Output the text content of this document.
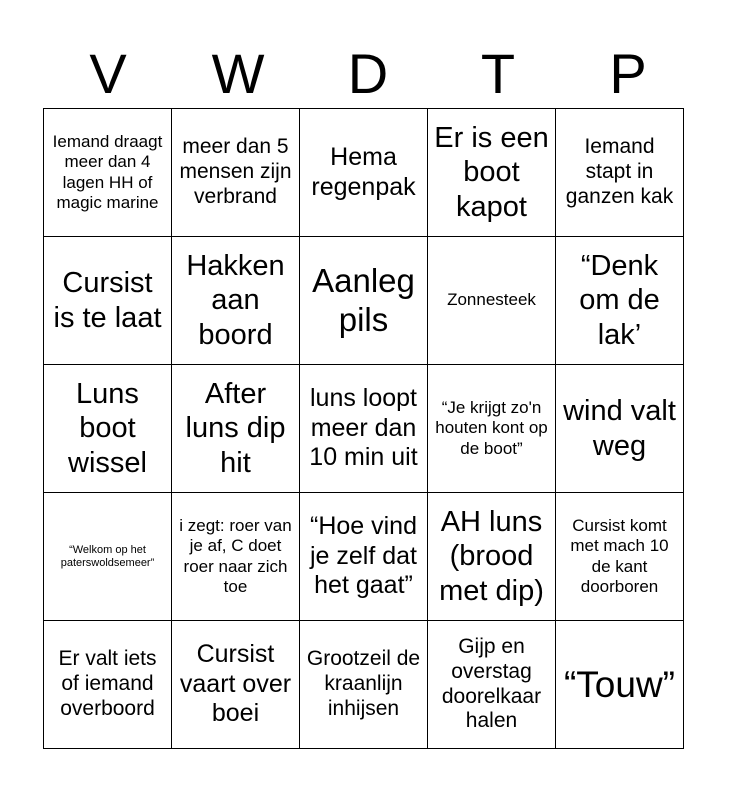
V	W	D	T	P
Iemand draagt meer dan 4 lagen HH of magic marine	meer dan 5 mensen zijn verbrand	Hema regenpak	Er is een boot kapot	Iemand stapt in ganzen kak
Cursist is te laat	Hakken aan boord	Aanleg pils	Zonnesteek	“Denk om de lak’
Luns boot wissel	After luns dip hit	luns loopt meer dan 10 min uit	“Je krijgt zo'n houten kont op de boot”	wind valt weg
“Welkom op het paterswoldsemeer”	i zegt: roer van je af, C doet roer naar zich toe	“Hoe vind je zelf dat het gaat”	AH luns (brood met dip)	Cursist komt met mach 10 de kant doorboren
Er valt iets of iemand overboord	Cursist vaart over boei	Grootzeil de kraanlijn inhijsen	Gijp en overstag doorelkaar halen	“Touw”
